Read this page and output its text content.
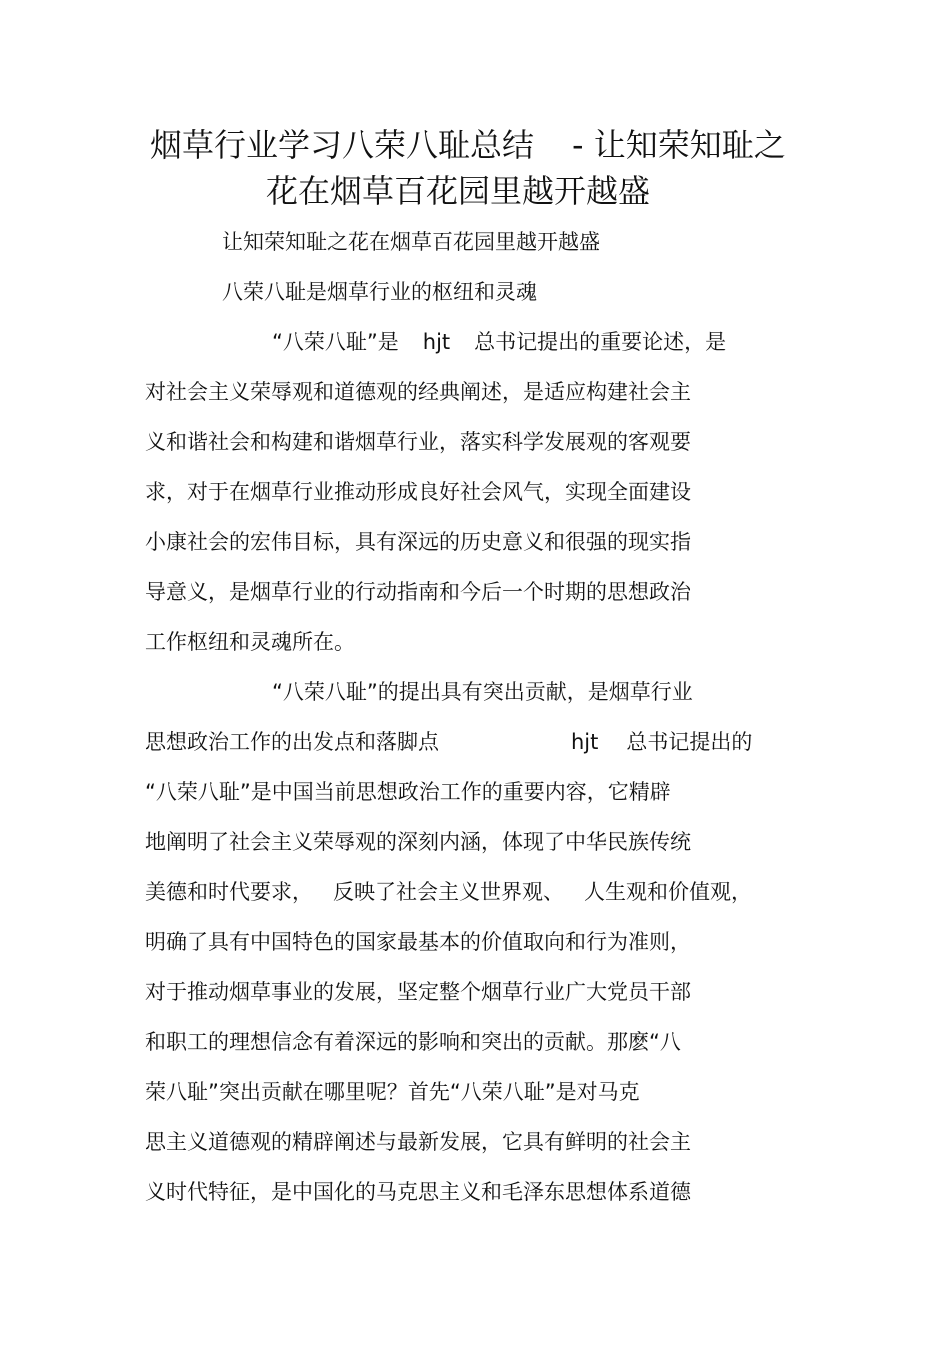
烟草行业学习八荣八耻总结 - 让知荣知耻之
花在烟草百花园里越开越盛
让知荣知耻之花在烟草百花园里越开越盛
八荣八耻是烟草行业的枢纽和灵魂
“八荣八耻”是 hjt 总书记提出的重要论述，是
对社会主义荣辱观和道德观的经典阐述，是适应构建社会主
义和谐社会和构建和谐烟草行业，落实科学发展观的客观要
求，对于在烟草行业推动形成良好社会风气，实现全面建设
小康社会的宏伟目标，具有深远的历史意义和很强的现实指
导意义，是烟草行业的行动指南和今后一个时期的思想政治
工作枢纽和灵魂所在。
“八荣八耻”的提出具有突出贡献，是烟草行业
思想政治工作的出发点和落脚点	hjt 总书记提出的
“八荣八耻”是中国当前思想政治工作的重要内容，它精辟
地阐明了社会主义荣辱观的深刻内涵，体现了中华民族传统
美德和时代要求， 反映了社会主义世界观、 人生观和价值观，
明确了具有中国特色的国家最基本的价值取向和行为准则，
对于推动烟草事业的发展，坚定整个烟草行业广大党员干部
和职工的理想信念有着深远的影响和突出的贡献。那麽“八
荣八耻”突出贡献在哪里呢？首先“八荣八耻”是对马克
思主义道德观的精辟阐述与最新发展，它具有鲜明的社会主
义时代特征，是中国化的马克思主义和毛泽东思想体系道德
